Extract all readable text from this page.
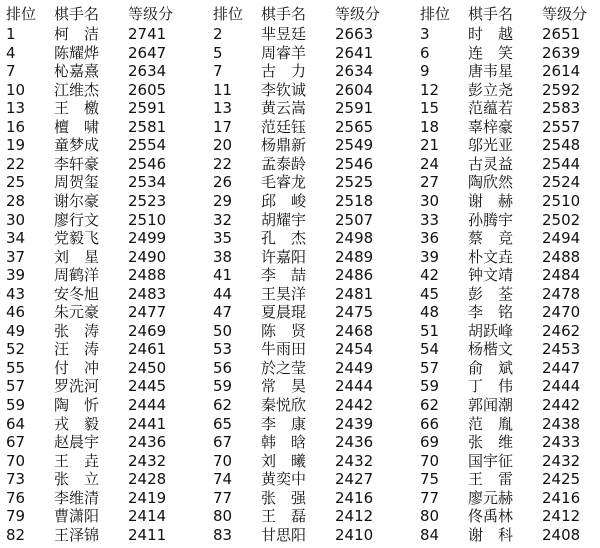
排位 棋手名 等级分
1	柯　洁 2741
4	陈耀烨 2647
7	杺嘉熹 2634
10 江维杰 2605
13 王　檄 2591
16 檀　啸 2581
19 童梦成 2554
22 李轩豪 2546
25 周贺玺 2534
28 谢尔豪 2523
30 廖行文 2510
34 党毅飞 2499
37 刘　星 2490
39 周鹤洋 2488
43 安冬旭 2483
46 朱元豪 2477
49 张　涛 2469
52 汪　涛 2461
55 付　冲 2450
57 罗洗河 2445
59 陶　忻 2444
64 戎　毅 2441
67 赵晨宇 2436
70 王　垚 2432
73 张　立 2428
76 李维清 2419
79 曹潇阳 2414
82 王泽锦 2411
排位 棋手名 等级分
2	芈昱廷 2663
5	周睿羊 2641
7	古　力 2634
11 李钦诚 2604
13 黄云嵩 2591
17 范廷钰 2565
20 杨鼎新 2549
22 孟泰龄 2546
26 毛睿龙 2525
29 邱　峻 2518
32 胡耀宇 2507
35 孔　杰 2498
38 许嘉阳 2489
41 李　喆 2486
44 王昊洋 2481
47 夏晨琨 2475
50 陈　贤 2468
53 牛雨田 2454
56 於之莹 2449
59 常　昊 2444
62 秦悦欣 2442
65 李　康 2439
67 韩　晗 2436
70 刘　曦 2432
74 黄奕中 2427
77 张　强 2416
80 王　磊 2412
83 甘思阳 2410
排位 棋手名 等级分
3	时　越 2651
6	连　笑 2639
9	唐韦星 2614
12 彭立尧 2592
15 范蕴若 2583
18 辜梓豪 2557
21 邬光亚 2548
24 古灵益 2544
27 陶欣然 2524
30 谢　赫 2510
33 孙腾宇 2502
36 蔡　竞 2494
39 朴文垚 2488
42 钟文靖 2484
45 彭　荃 2478
48 李　铭 2470
51 胡跃峰 2462
54 杨楷文 2453
57 俞　斌 2447
59 丁　伟 2444
62 郭闻潮 2442
66 范　胤 2438
69 张　维 2433
70 国宇征 2432
75 王　雷 2425
77 廖元赫 2416
80 佟禹林 2412
84 谢　科 2408
